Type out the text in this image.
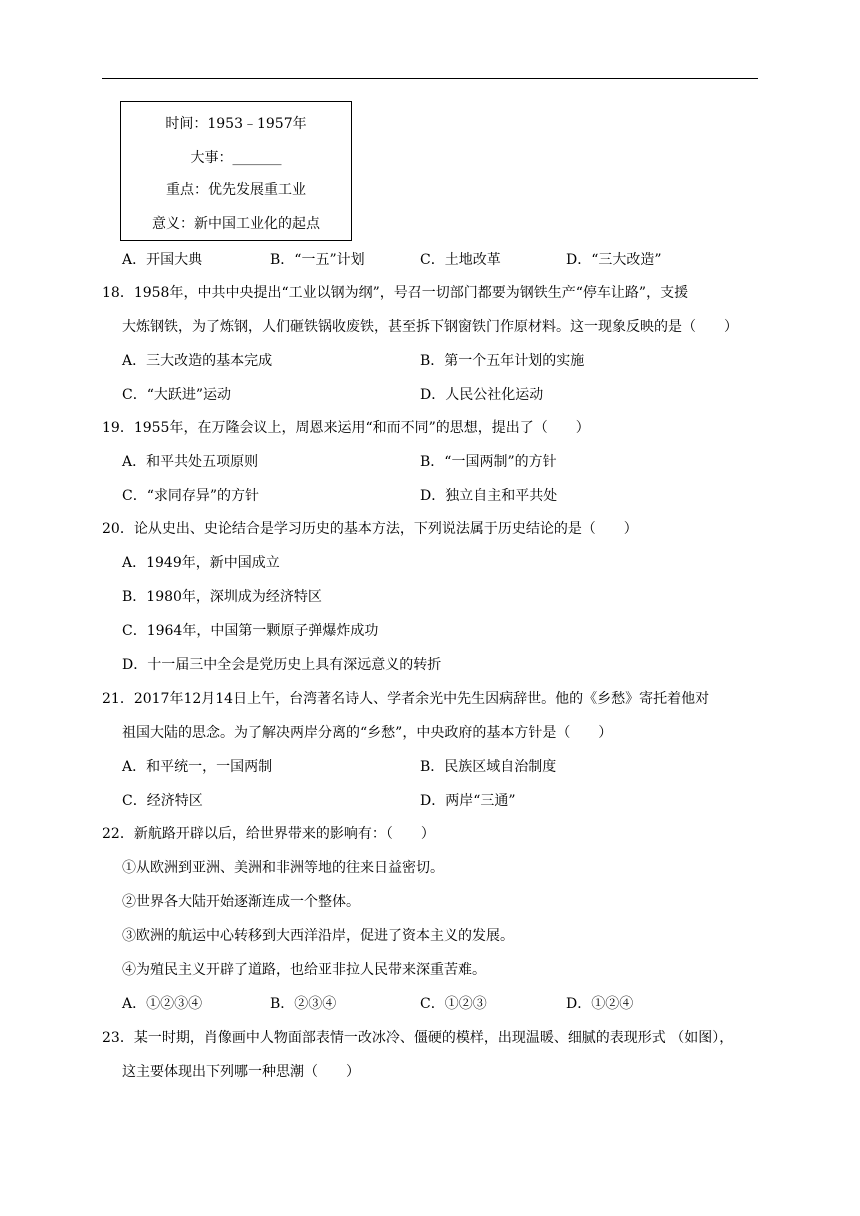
时间：1953﹣1957年
大事：_______
重点：优先发展重工业
意义：新中国工业化的起点
A．开国大典	B．“一五”计划	C．土地改革	D．“三大改造”
18．1958年，中共中央提出“工业以钢为纲”，号召一切部门都要为钢铁生产“停车让路”，支援
大炼钢铁，为了炼钢，人们砸铁锅收废铁，甚至拆下钢窗铁门作原材料。这一现象反映的是（　　）
A．三大改造的基本完成	B．第一个五年计划的实施
C．“大跃进”运动	D．人民公社化运动
19．1955年，在万隆会议上，周恩来运用“和而不同”的思想，提出了（　　）
A．和平共处五项原则	B．“一国两制”的方针
C．“求同存异”的方针	D．独立自主和平共处
20．论从史出、史论结合是学习历史的基本方法，下列说法属于历史结论的是（　　）
A．1949年，新中国成立
B．1980年，深圳成为经济特区
C．1964年，中国第一颗原子弹爆炸成功
D．十一届三中全会是党历史上具有深远意义的转折
21．2017年12月14日上午，台湾著名诗人、学者余光中先生因病辞世。他的《乡愁》寄托着他对
祖国大陆的思念。为了解决两岸分离的“乡愁”，中央政府的基本方针是（　　）
A．和平统一，一国两制	B．民族区域自治制度
C．经济特区	D．两岸“三通”
22．新航路开辟以后，给世界带来的影响有：（　　）
①从欧洲到亚洲、美洲和非洲等地的往来日益密切。
②世界各大陆开始逐渐连成一个整体。
③欧洲的航运中心转移到大西洋沿岸，促进了资本主义的发展。
④为殖民主义开辟了道路，也给亚非拉人民带来深重苦难。
A．①②③④	B．②③④	C．①②③	D．①②④
23．某一时期，肖像画中人物面部表情一改冰冷、僵硬的模样，出现温暖、细腻的表现形式 （如图），
这主要体现出下列哪一种思潮（　　）
